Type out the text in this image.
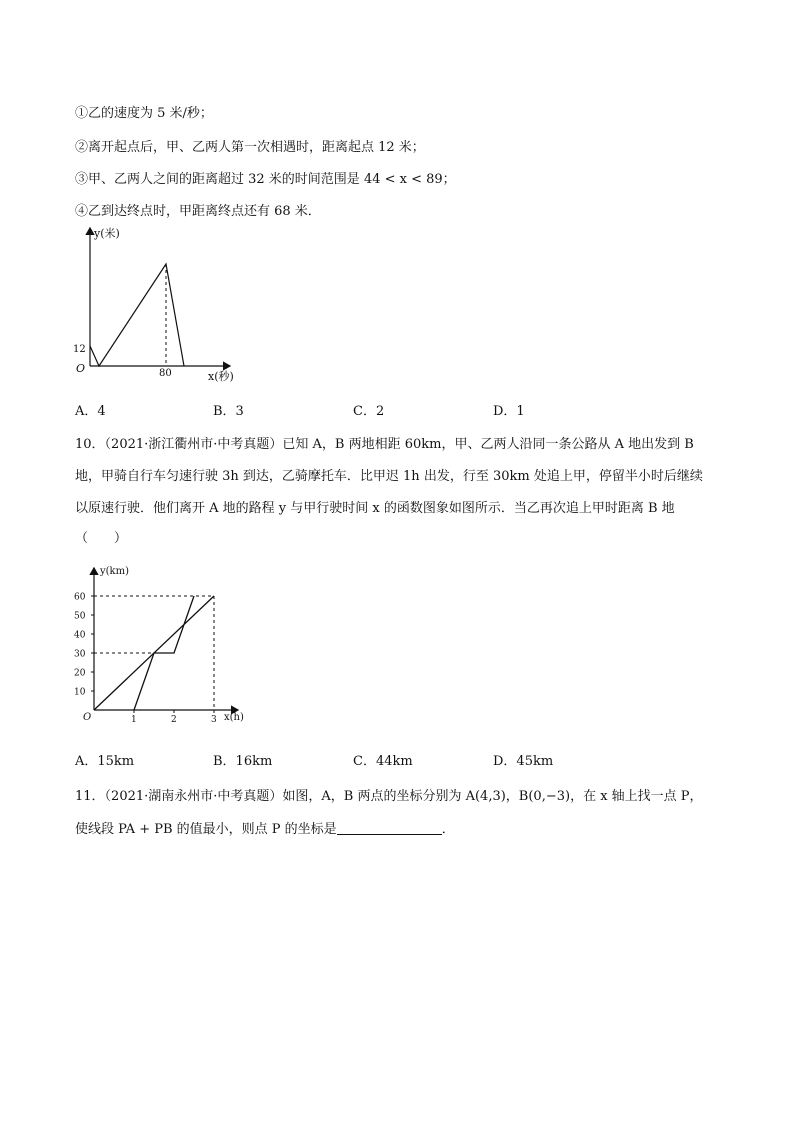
①乙的速度为 5 米/秒；
②离开起点后，甲、乙两人第一次相遇时，距离起点 12 米；
③甲、乙两人之间的距离超过 32 米的时间范围是 44 < x < 89；
④乙到达终点时，甲距离终点还有 68 米．
y(米)
12
O	80	x(秒)
A．4	B．3	C．2	D．1
10．（2021·浙江衢州市·中考真题）已知 A，B 两地相距 60km，甲、乙两人沿同一条公路从 A 地出发到 B
地，甲骑自行车匀速行驶 3h 到达，乙骑摩托车．比甲迟 1h 出发，行至 30km 处追上甲，停留半小时后继续
以原速行驶．他们离开 A 地的路程 y 与甲行驶时间 x 的函数图象如图所示．当乙再次追上甲时距离 B 地
（　　）
60
50
40
30
20
10
1	2	3
y(km)
O	x(h)
A．15km	B．16km	C．44km	D．45km
11．（2021·湖南永州市·中考真题）如图，A，B 两点的坐标分别为 A(4,3)，B(0,−3)，在 x 轴上找一点 P，
使线段 PA + PB 的值最小，则点 P 的坐标是	．
